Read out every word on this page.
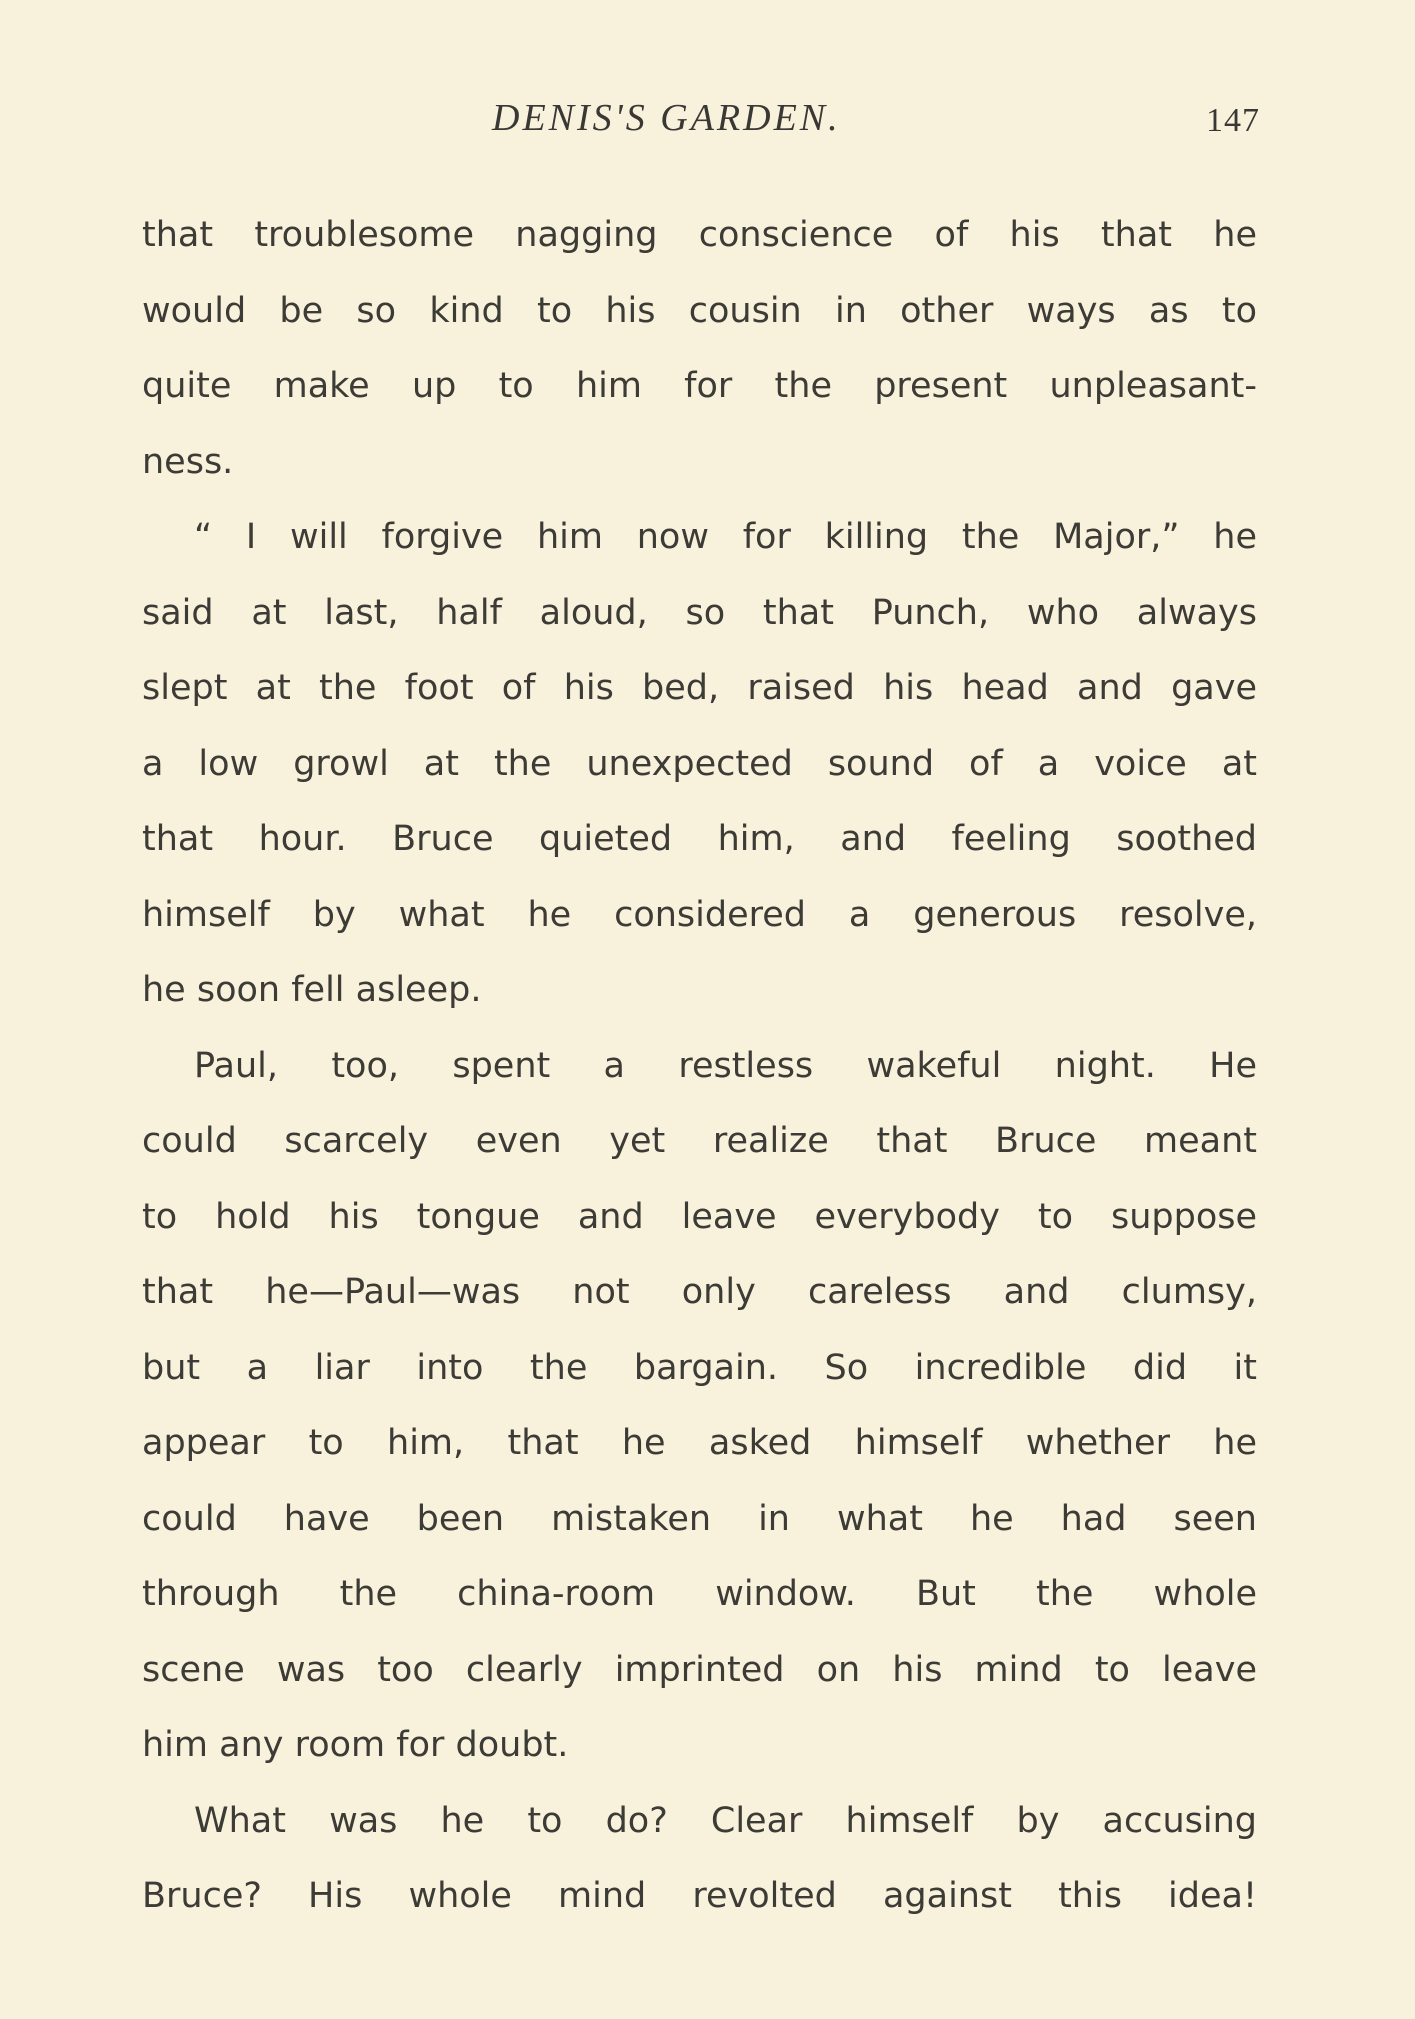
DENIS'S GARDEN.	147
that troublesome nagging conscience of his that he
would be so kind to his cousin in other ways as to
quite make up to him for the present unpleasant-
ness.
“ I will forgive him now for killing the Major,” he
said at last, half aloud, so that Punch, who always
slept at the foot of his bed, raised his head and gave
a low growl at the unexpected sound of a voice at
that hour. Bruce quieted him, and feeling soothed
himself by what he considered a generous resolve,
he soon fell asleep.
Paul, too, spent a restless wakeful night. He
could scarcely even yet realize that Bruce meant
to hold his tongue and leave everybody to suppose
that he—Paul—was not only careless and clumsy,
but a liar into the bargain. So incredible did it
appear to him, that he asked himself whether he
could have been mistaken in what he had seen
through the china-room window. But the whole
scene was too clearly imprinted on his mind to leave
him any room for doubt.
What was he to do? Clear himself by accusing
Bruce? His whole mind revolted against this idea!
